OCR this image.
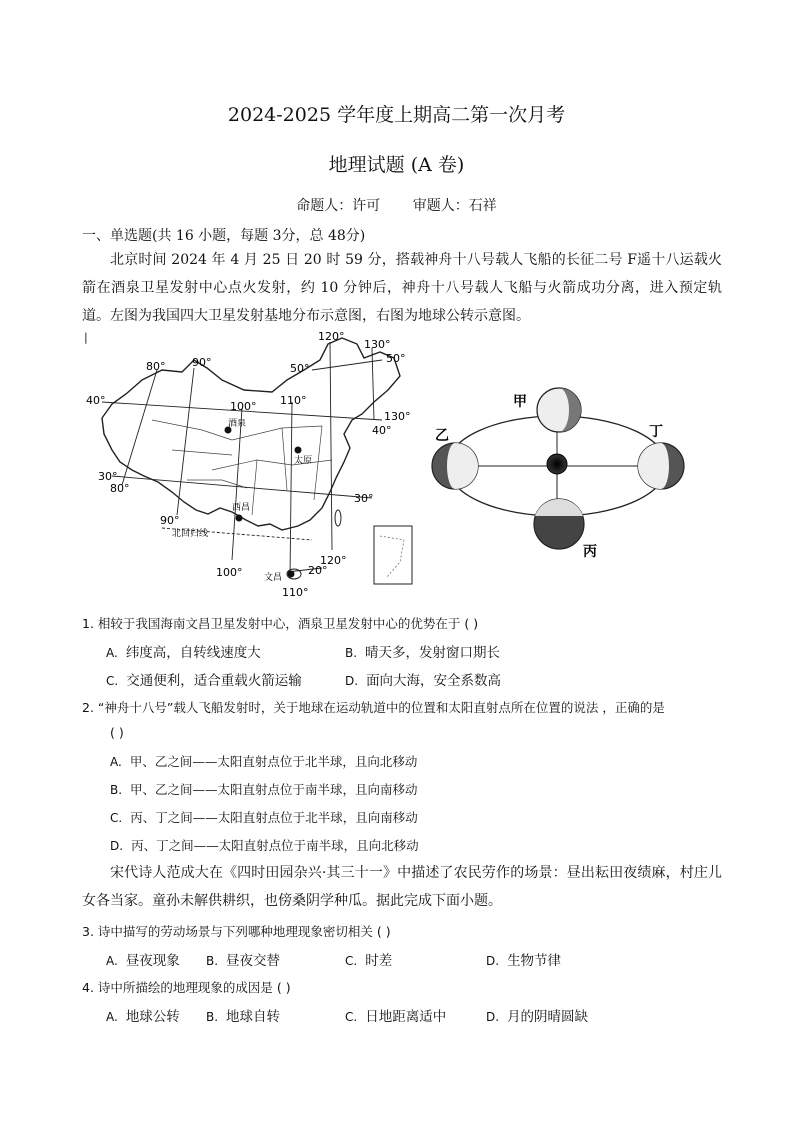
2024-2025 学年度上期高二第一次月考
地理试题 (A 卷)
命题人：许可 审题人：石祥
一、单选题(共 16 小题，每题 3分，总 48分)
北京时间 2024 年 4 月 25 日 20 时 59 分，搭载神舟十八号载人飞船的长征二号 F遥十八运载火箭在酒泉卫星发射中心点火发射，约 10 分钟后，神舟十八号载人飞船与火箭成功分离，进入预定轨道。左图为我国四大卫星发射基地分布示意图，右图为地球公转示意图。
|
酒泉
太原
西昌
文昌
北回归线
80° 90°
100° 110°
120°
130°
80°
90°
100°
110°
120°
130°
50°
50°
40°
40°
30°
30°
20°
甲
乙
丙
丁
1. 相较于我国海南文昌卫星发射中心，酒泉卫星发射中心的优势在于 ( )
A. 纬度高，自转线速度大	B. 晴天多，发射窗口期长
C. 交通便利，适合重载火箭运输	D. 面向大海，安全系数高
2. “神舟十八号”载人飞船发射时，关于地球在运动轨道中的位置和太阳直射点所在位置的说法 ，正确的是
( )
A. 甲、乙之间——太阳直射点位于北半球，且向北移动
B. 甲、乙之间——太阳直射点位于南半球，且向南移动
C. 丙、丁之间——太阳直射点位于北半球，且向南移动
D. 丙、丁之间——太阳直射点位于南半球，且向北移动
宋代诗人范成大在《四时田园杂兴·其三十一》中描述了农民劳作的场景：昼出耘田夜绩麻，村庄儿女各当家。童孙未解供耕织，也傍桑阴学种瓜。据此完成下面小题。
3. 诗中描写的劳动场景与下列哪种地理现象密切相关 ( )
A. 昼夜现象 B. 昼夜交替	C. 时差	D. 生物节律
4. 诗中所描绘的地理现象的成因是 ( )
A. 地球公转 B. 地球自转	C. 日地距离适中	D. 月的阴晴圆缺
